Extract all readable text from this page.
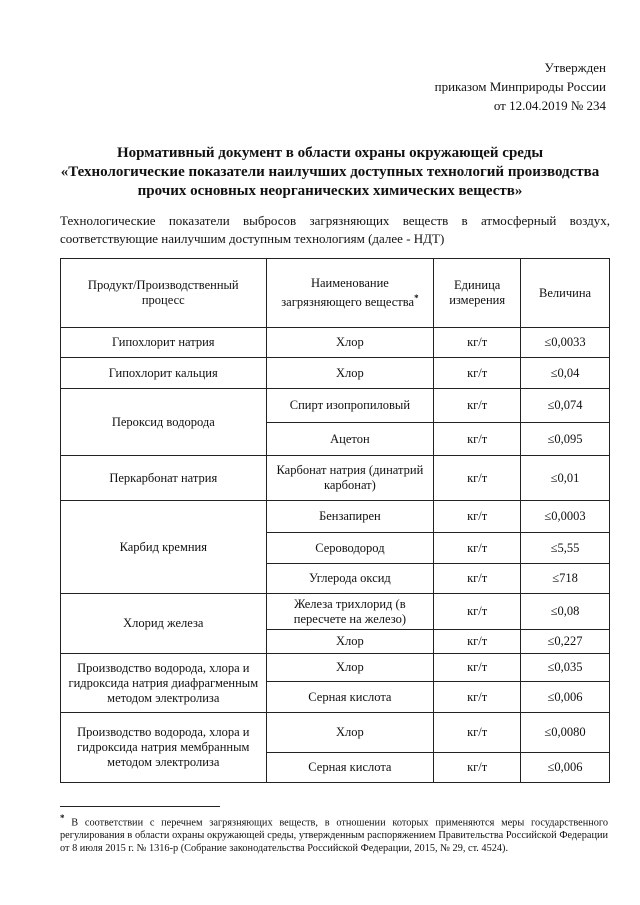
Утвержден
приказом Минприроды России
от 12.04.2019 № 234
Нормативный документ в области охраны окружающей среды
«Технологические показатели наилучших доступных технологий производства
прочих основных неорганических химических веществ»
Технологические показатели выбросов загрязняющих веществ в атмосферный воздух,
соответствующие наилучшим доступным технологиям (далее - НДТ)
Продукт/Производственный процесс	Наименование загрязняющего вещества*	Единица измерения	Величина
Гипохлорит натрия	Хлор	кг/т	≤0,0033
Гипохлорит кальция	Хлор	кг/т	≤0,04
Пероксид водорода	Спирт изопропиловый	кг/т	≤0,074
	Ацетон	кг/т	≤0,095
Перкарбонат натрия	Карбонат натрия (динатрий карбонат)	кг/т	≤0,01
Карбид кремния	Бензапирен	кг/т	≤0,0003
	Сероводород	кг/т	≤5,55
	Углерода оксид	кг/т	≤718
Хлорид железа	Железа трихлорид (в пересчете на железо)	кг/т	≤0,08
	Хлор	кг/т	≤0,227
Производство водорода, хлора и гидроксида натрия диафрагменным методом электролиза	Хлор	кг/т	≤0,035
	Серная кислота	кг/т	≤0,006
Производство водорода, хлора и гидроксида натрия мембранным методом электролиза	Хлор	кг/т	≤0,0080
	Серная кислота	кг/т	≤0,006
* В соответствии с перечнем загрязняющих веществ, в отношении которых применяются меры государственного регулирования в области охраны окружающей среды, утвержденным распоряжением Правительства Российской Федерации от 8 июля 2015 г. № 1316-р (Собрание законодательства Российской Федерации, 2015, № 29, ст. 4524).
